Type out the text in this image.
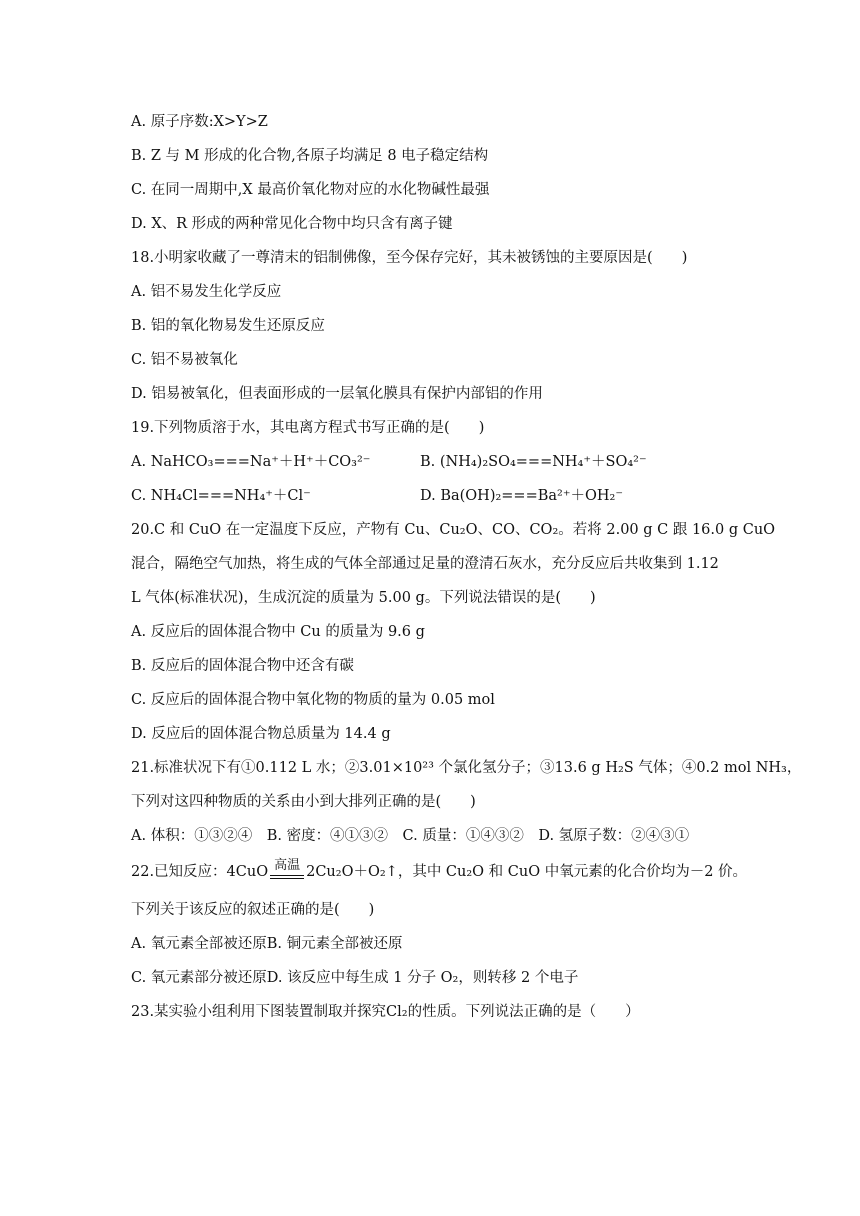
A. 原子序数:X>Y>Z
B. Z 与 M 形成的化合物,各原子均满足 8 电子稳定结构
C. 在同一周期中,X 最高价氧化物对应的水化物碱性最强
D. X、R 形成的两种常见化合物中均只含有离子键
18.小明家收藏了一尊清末的铝制佛像，至今保存完好，其未被锈蚀的主要原因是(　　)
A. 铝不易发生化学反应
B. 铝的氧化物易发生还原反应
C. 铝不易被氧化
D. 铝易被氧化，但表面形成的一层氧化膜具有保护内部铝的作用
19.下列物质溶于水，其电离方程式书写正确的是(　　)
A. NaHCO₃===Na⁺＋H⁺＋CO₃²⁻	B. (NH₄)₂SO₄===NH₄⁺＋SO₄²⁻
C. NH₄Cl===NH₄⁺＋Cl⁻	D. Ba(OH)₂===Ba²⁺＋OH₂⁻
20.C 和 CuO 在一定温度下反应，产物有 Cu、Cu₂O、CO、CO₂。若将 2.00 g C 跟 16.0 g CuO
混合，隔绝空气加热，将生成的气体全部通过足量的澄清石灰水，充分反应后共收集到 1.12
L 气体(标准状况)，生成沉淀的质量为 5.00 g。下列说法错误的是(　　)
A. 反应后的固体混合物中 Cu 的质量为 9.6 g
B. 反应后的固体混合物中还含有碳
C. 反应后的固体混合物中氧化物的物质的量为 0.05 mol
D. 反应后的固体混合物总质量为 14.4 g
21.标准状况下有①0.112 L 水；②3.01×10²³ 个氯化氢分子；③13.6 g H₂S 气体；④0.2 mol NH₃，
下列对这四种物质的关系由小到大排列正确的是(　　)
A. 体积：①③②④　B. 密度：④①③②　C. 质量：①④③②　D. 氢原子数：②④③①
22.已知反应：4CuO 高温 2Cu₂O＋O₂↑，其中 Cu₂O 和 CuO 中氧元素的化合价均为－2 价。
下列关于该反应的叙述正确的是(　　)
A. 氧元素全部被还原B. 铜元素全部被还原
C. 氧元素部分被还原D. 该反应中每生成 1 分子 O₂，则转移 2 个电子
23.某实验小组利用下图装置制取并探究Cl₂的性质。下列说法正确的是（　　）
